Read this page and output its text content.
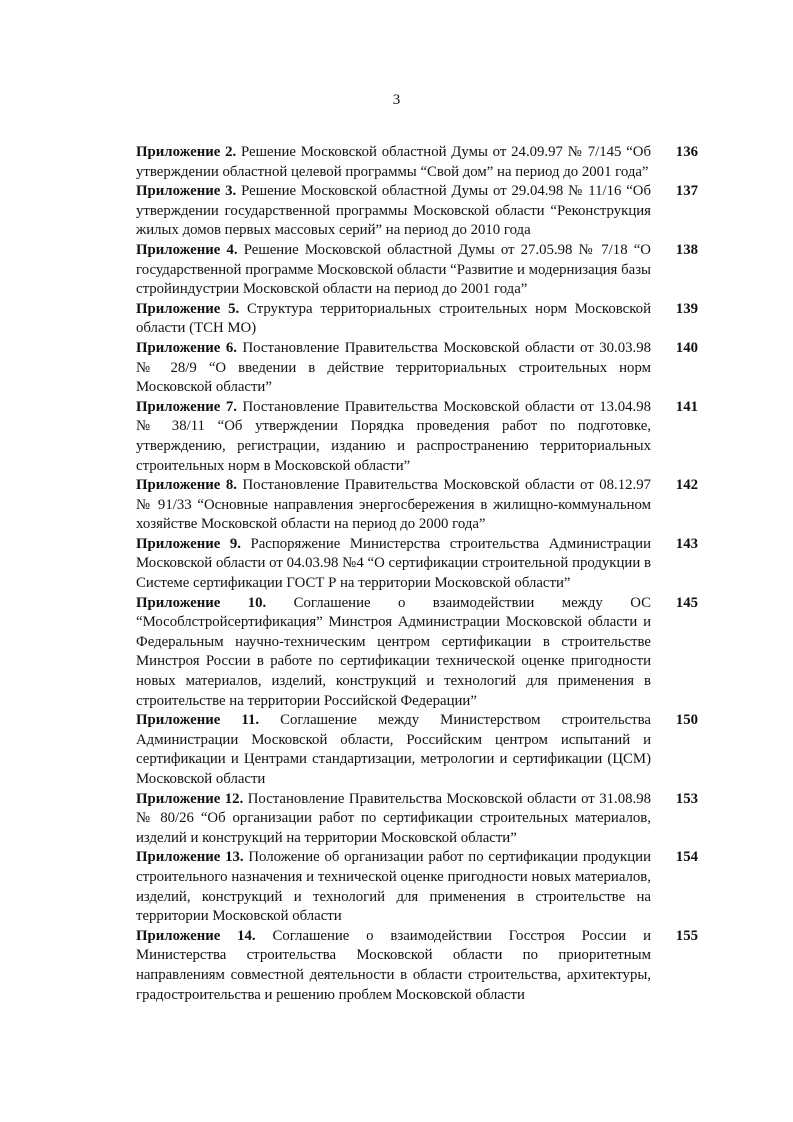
3

Приложение 2. Решение Московской областной Думы от 24.09.97 № 7/145 “Об утверждении областной целевой программы “Свой дом” на период до 2001 года”

136

Приложение 3. Решение Московской областной Думы от 29.04.98 № 11/16 “Об утверждении государственной программы Московской области “Реконструкция жилых домов первых массовых серий” на период до 2010 года

137

Приложение 4. Решение Московской областной Думы от 27.05.98 № 7/18 “О государственной программе Московской области “Развитие и модернизация базы стройиндустрии Московской области на период до 2001 года”

138

Приложение 5. Структура территориальных строительных норм Московской области (ТСН МО)

139

Приложение 6. Постановление Правительства Московской области от 30.03.98 № 28/9 “О введении в действие территориальных строительных норм Московской области”

140

Приложение 7. Постановление Правительства Московской области от 13.04.98 № 38/11 “Об утверждении Порядка проведения работ по подготовке, утверждению, регистрации, изданию и распространению территориальных строительных норм в Московской области”

141

Приложение 8. Постановление Правительства Московской области от 08.12.97 № 91/33 “Основные направления энергосбережения в жилищно-коммунальном хозяйстве Московской области на период до 2000 года”

142

Приложение 9. Распоряжение Министерства строительства Администрации Московской области от 04.03.98 №4 “О сертификации строительной продукции в Системе сертификации ГОСТ Р на территории Московской области”

143

Приложение 10. Соглашение о взаимодействии между ОС “Мособлстройсертификация” Минстроя Администрации Московской области и Федеральным научно-техническим центром сертификации в строительстве Минстроя России в работе по сертификации технической оценке пригодности новых материалов, изделий, конструкций и технологий для применения в строительстве на территории Российской Федерации”

145

Приложение 11. Соглашение между Министерством строительства Администрации Московской области, Российским центром испытаний и сертификации и Центрами стандартизации, метрологии и сертификации (ЦСМ) Московской области

150

Приложение 12. Постановление Правительства Московской области от 31.08.98 № 80/26 “Об организации работ по сертификации строительных материалов, изделий и конструкций на территории Московской области”

153

Приложение 13. Положение об организации работ по сертификации продукции строительного назначения и технической оценке пригодности новых материалов, изделий, конструкций и технологий для применения в строительстве на территории Московской области

154

Приложение 14. Соглашение о взаимодействии Госстроя России и Министерства строительства Московской области по приоритетным направлениям совместной деятельности в области строительства, архитектуры, градостроительства и решению проблем Московской области

155
